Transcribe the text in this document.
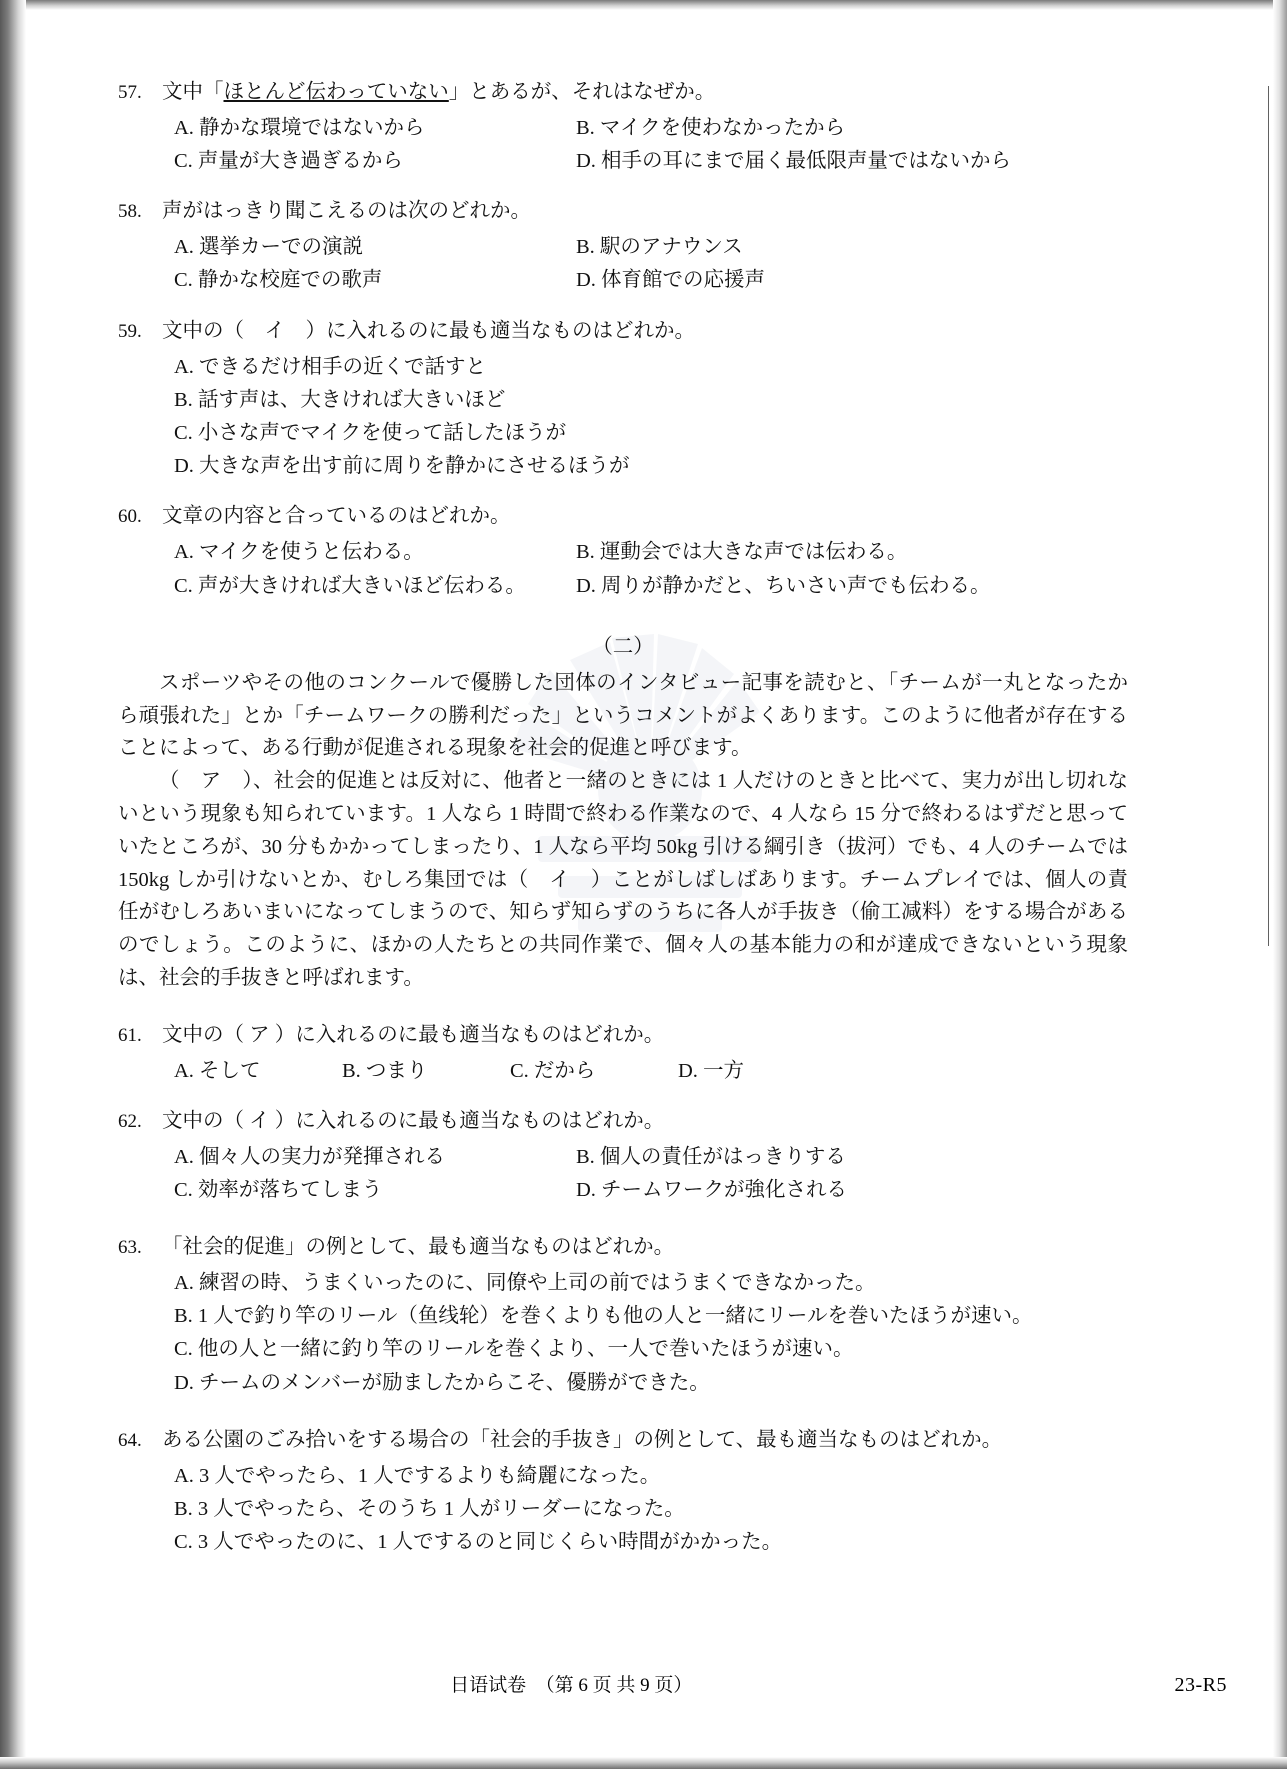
57. 文中「ほとんど伝わっていない」とあるが、それはなぜか。
A. 静かな環境ではないから	B. マイクを使わなかったから
C. 声量が大き過ぎるから	D. 相手の耳にまで届く最低限声量ではないから
58. 声がはっきり聞こえるのは次のどれか。
A. 選挙カーでの演説	B. 駅のアナウンス
C. 静かな校庭での歌声	D. 体育館での応援声
59. 文中の（　イ　）に入れるのに最も適当なものはどれか。
A. できるだけ相手の近くで話すと
B. 話す声は、大きければ大きいほど
C. 小さな声でマイクを使って話したほうが
D. 大きな声を出す前に周りを静かにさせるほうが
60. 文章の内容と合っているのはどれか。
A. マイクを使うと伝わる。	B. 運動会では大きな声では伝わる。
C. 声が大きければ大きいほど伝わる。	D. 周りが静かだと、ちいさい声でも伝わる。
（二）

スポーツやその他のコンクールで優勝した団体のインタビュー記事を読むと、「チームが一丸となったから頑張れた」とか「チームワークの勝利だった」というコメントがよくあります。このように他者が存在することによって、ある行動が促進される現象を社会的促進と呼びます。

（　ア　）、社会的促進とは反対に、他者と一緒のときには 1 人だけのときと比べて、実力が出し切れないという現象も知られています。1 人なら 1 時間で終わる作業なので、4 人なら 15 分で終わるはずだと思っていたところが、30 分もかかってしまったり、1 人なら平均 50kg 引ける綱引き（拔河）でも、4 人のチームでは 150kg しか引けないとか、むしろ集団では（　イ　）ことがしばしばあります。チームプレイでは、個人の責任がむしろあいまいになってしまうので、知らず知らずのうちに各人が手抜き（偷工减料）をする場合があるのでしょう。このように、ほかの人たちとの共同作業で、個々人の基本能力の和が達成できないという現象は、社会的手抜きと呼ばれます。

61. 文中の（ ア ）に入れるのに最も適当なものはどれか。
A. そして	B. つまり	C. だから	D. 一方
62. 文中の（ イ ）に入れるのに最も適当なものはどれか。
A. 個々人の実力が発揮される	B. 個人の責任がはっきりする
C. 効率が落ちてしまう	D. チームワークが強化される
63. 「社会的促進」の例として、最も適当なものはどれか。
A. 練習の時、うまくいったのに、同僚や上司の前ではうまくできなかった。
B. 1 人で釣り竿のリール（鱼线轮）を巻くよりも他の人と一緒にリールを巻いたほうが速い。
C. 他の人と一緒に釣り竿のリールを巻くより、一人で巻いたほうが速い。
D. チームのメンバーが励ましたからこそ、優勝ができた。
64. ある公園のごみ拾いをする場合の「社会的手抜き」の例として、最も適当なものはどれか。
A. 3 人でやったら、1 人でするよりも綺麗になった。
B. 3 人でやったら、そのうち 1 人がリーダーになった。
C. 3 人でやったのに、1 人でするのと同じくらい時間がかかった。
日语试卷　（第 6 页 共 9 页）	23-R5
